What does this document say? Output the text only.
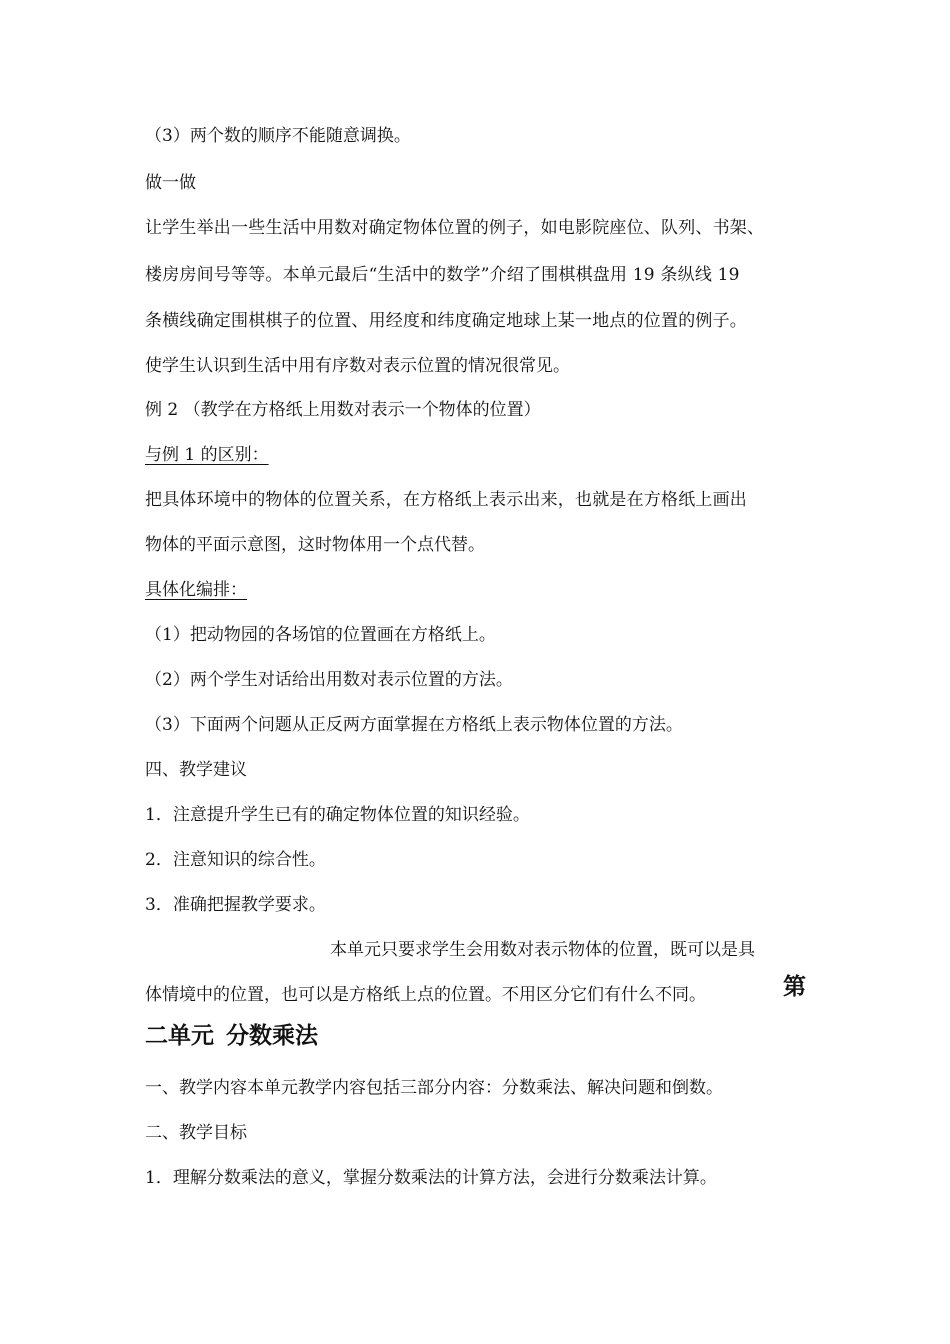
（3）两个数的顺序不能随意调换。
做一做
让学生举出一些生活中用数对确定物体位置的例子，如电影院座位、队列、书架、
楼房房间号等等。本单元最后“生活中的数学”介绍了围棋棋盘用 19 条纵线 19
条横线确定围棋棋子的位置、用经度和纬度确定地球上某一地点的位置的例子。
使学生认识到生活中用有序数对表示位置的情况很常见。
例 2 （教学在方格纸上用数对表示一个物体的位置）
与例 1 的区别：
把具体环境中的物体的位置关系，在方格纸上表示出来，也就是在方格纸上画出
物体的平面示意图，这时物体用一个点代替。
具体化编排：
（1）把动物园的各场馆的位置画在方格纸上。
（2）两个学生对话给出用数对表示位置的方法。
（3）下面两个问题从正反两方面掌握在方格纸上表示物体位置的方法。
四、教学建议
1．注意提升学生已有的确定物体位置的知识经验。
2．注意知识的综合性。
3．准确把握教学要求。
本单元只要求学生会用数对表示物体的位置，既可以是具
体情境中的位置，也可以是方格纸上点的位置。不用区分它们有什么不同。	第
二单元 分数乘法
一、教学内容本单元教学内容包括三部分内容：分数乘法、解决问题和倒数。
二、教学目标
1．理解分数乘法的意义，掌握分数乘法的计算方法，会进行分数乘法计算。
